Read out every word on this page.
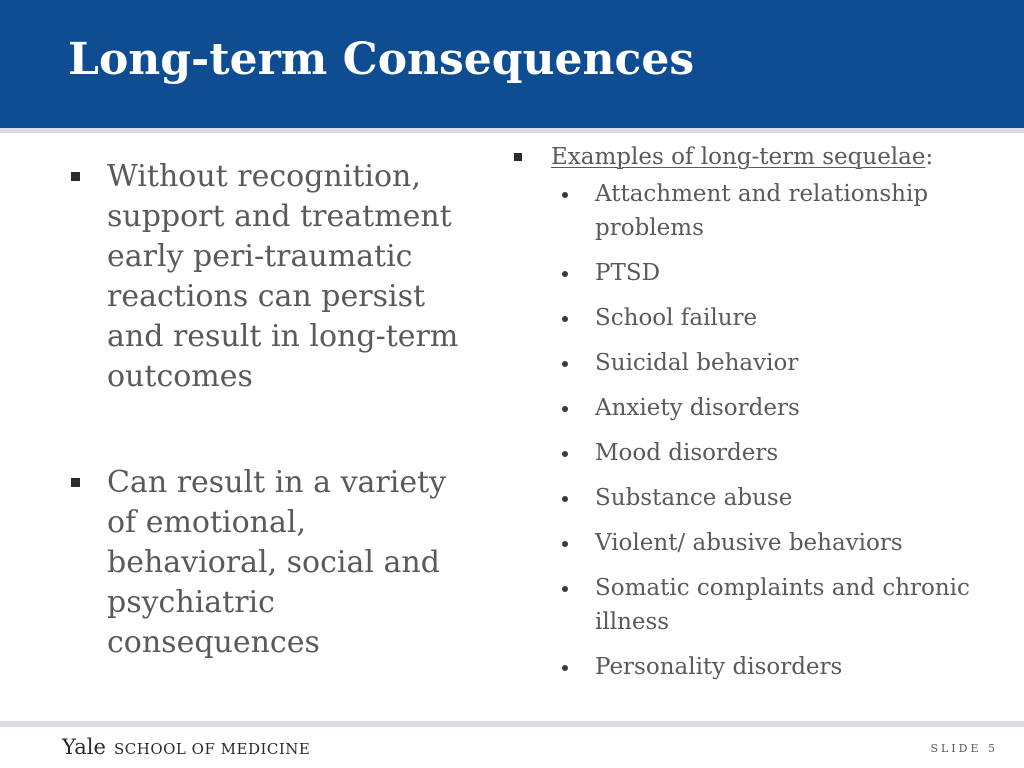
Long-term Consequences
Without recognition, support and treatment early peri-traumatic reactions can persist and result in long-term outcomes
Can result in a variety of emotional, behavioral, social and psychiatric consequences
Examples of long-term sequelae:
Attachment and relationship problems
PTSD
School failure
Suicidal behavior
Anxiety disorders
Mood disorders
Substance abuse
Violent/ abusive behaviors
Somatic complaints and chronic illness
Personality disorders
Yale SCHOOL OF MEDICINE	SLIDE 5
